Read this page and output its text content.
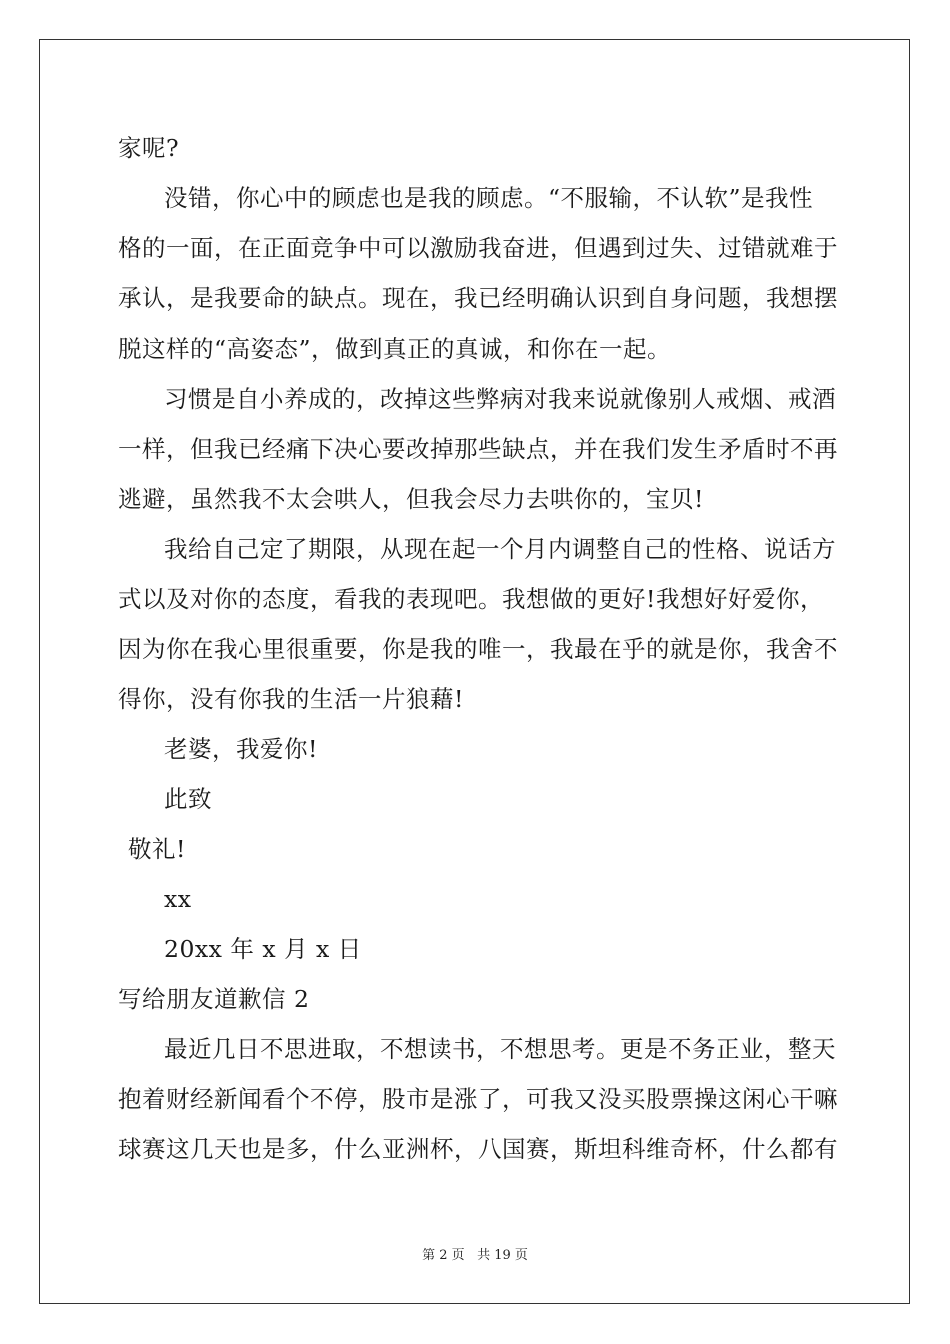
家呢?
没错，你心中的顾虑也是我的顾虑。“不服输，不认软”是我性
格的一面，在正面竞争中可以激励我奋进，但遇到过失、过错就难于
承认，是我要命的缺点。现在，我已经明确认识到自身问题，我想摆
脱这样的“高姿态”，做到真正的真诚，和你在一起。
习惯是自小养成的，改掉这些弊病对我来说就像别人戒烟、戒酒
一样，但我已经痛下决心要改掉那些缺点，并在我们发生矛盾时不再
逃避，虽然我不太会哄人，但我会尽力去哄你的，宝贝!
我给自己定了期限，从现在起一个月内调整自己的性格、说话方
式以及对你的态度，看我的表现吧。我想做的更好!我想好好爱你，
因为你在我心里很重要，你是我的唯一，我最在乎的就是你，我舍不
得你，没有你我的生活一片狼藉!
老婆，我爱你!
此致
敬礼!
xx
20xx 年 x 月 x 日
写给朋友道歉信 2
最近几日不思进取，不想读书，不想思考。更是不务正业，整天
抱着财经新闻看个不停，股市是涨了，可我又没买股票操这闲心干嘛
球赛这几天也是多，什么亚洲杯，八国赛，斯坦科维奇杯，什么都有
第 2 页 共 19 页
